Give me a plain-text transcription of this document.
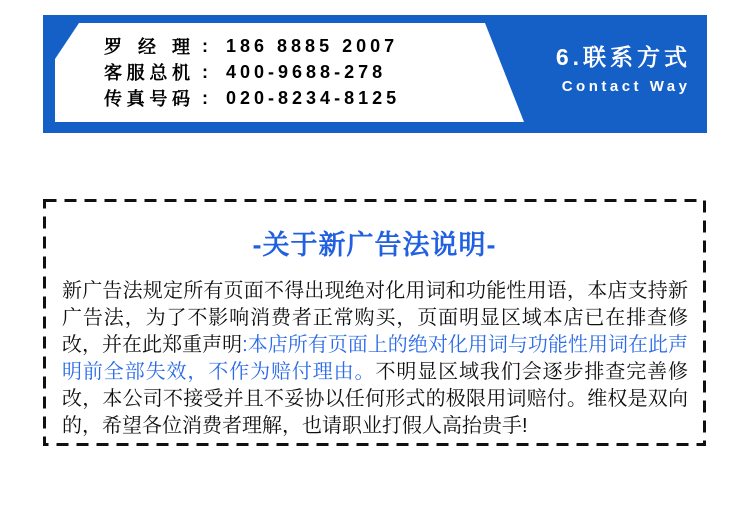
罗经理 :	186 8885 2007
客服总机 :	400-9688-278
传真号码 :	020-8234-8125
6.联系方式
Contact Way
-关于新广告法说明-
新广告法规定所有页面不得出现绝对化用词和功能性用语，本店支持新广告法，为了不影响消费者正常购买，页面明显区域本店已在排查修改，并在此郑重声明:本店所有页面上的绝对化用词与功能性用词在此声明前全部失效，不作为赔付理由。不明显区域我们会逐步排查完善修改，本公司不接受并且不妥协以任何形式的极限用词赔付。维权是双向的，希望各位消费者理解，也请职业打假人高抬贵手!
